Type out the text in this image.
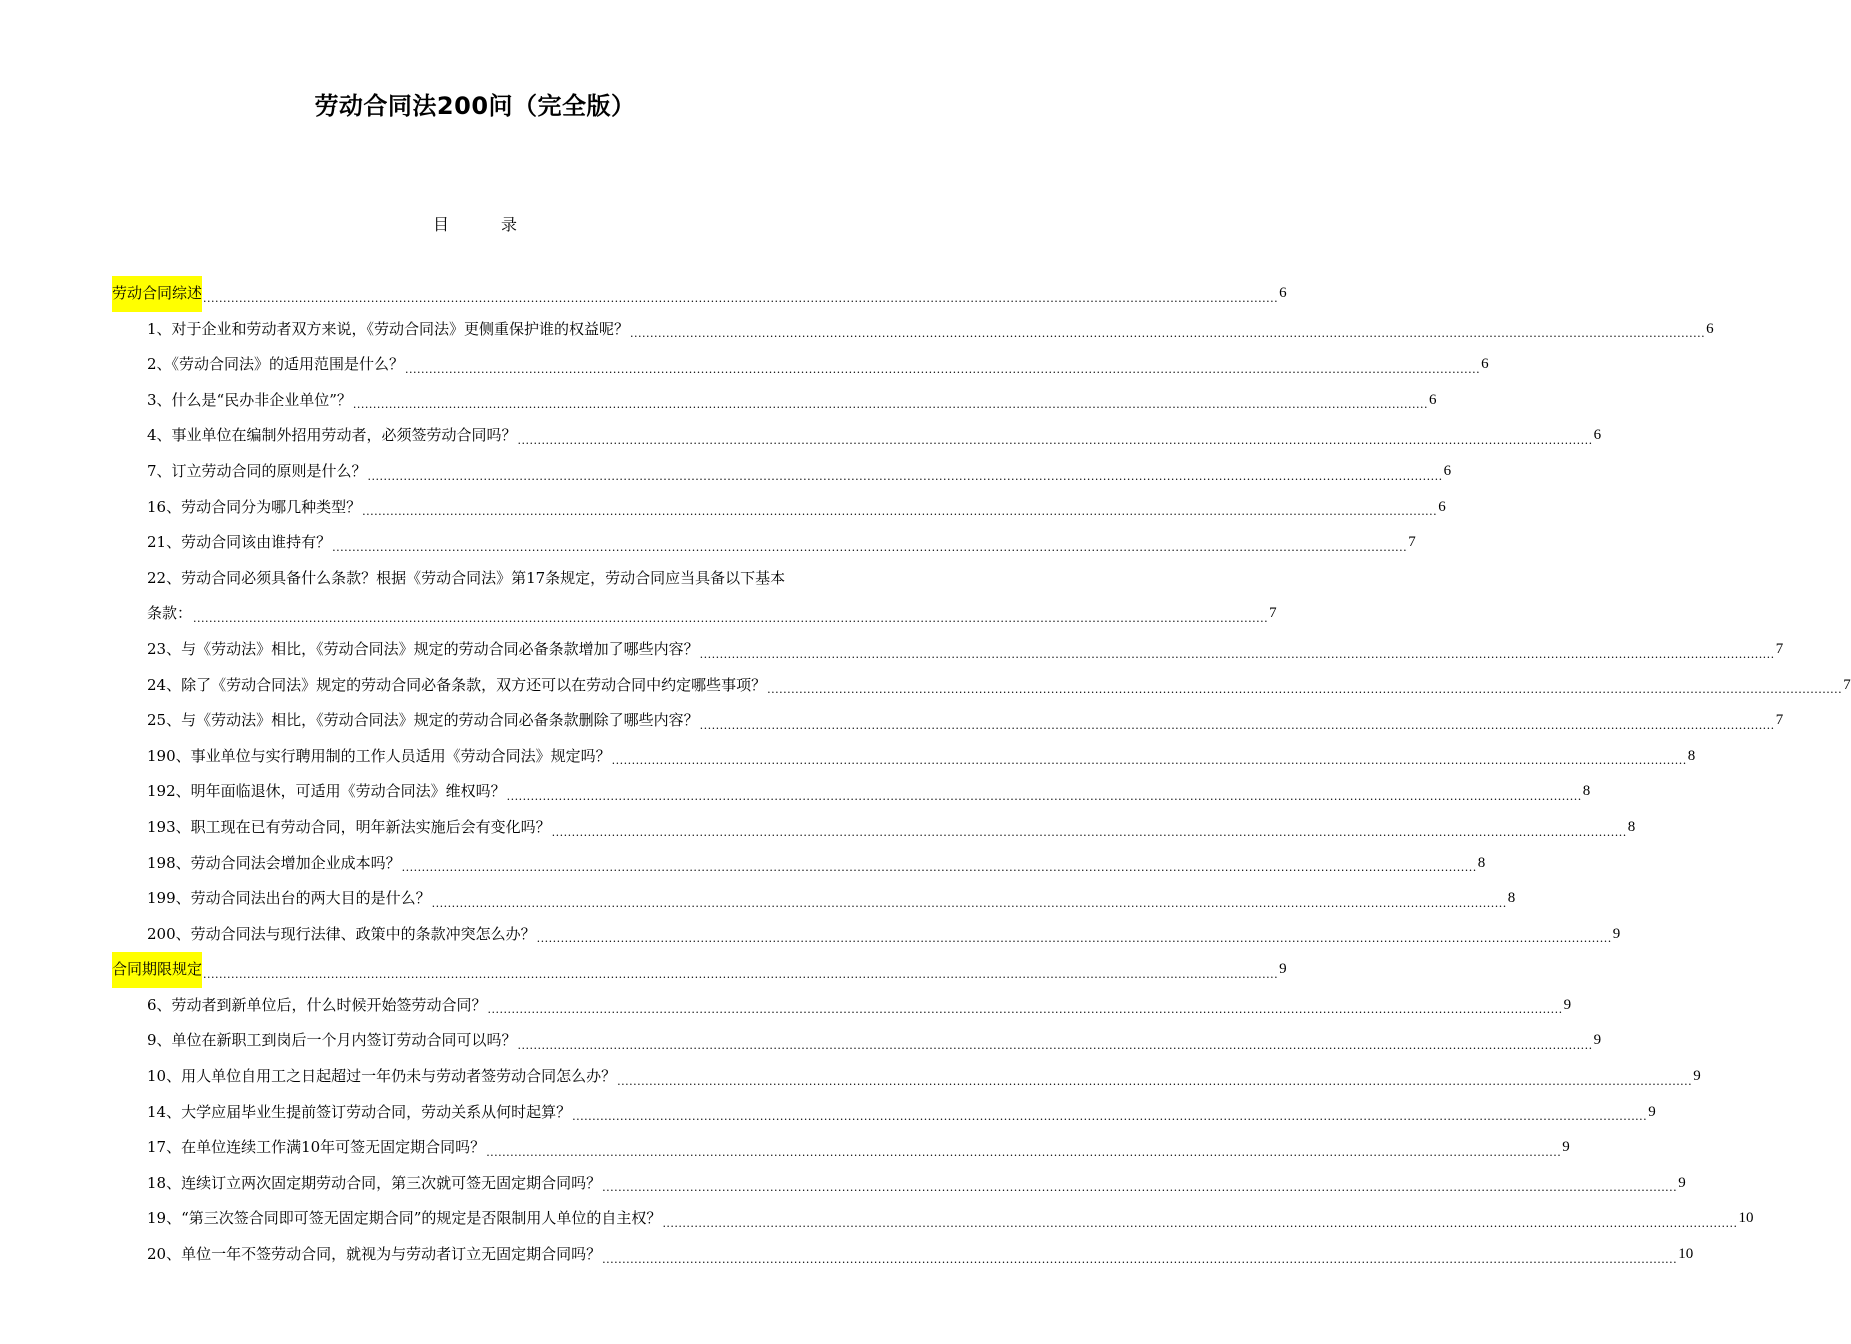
劳动合同法200问（完全版）
目	录
劳动合同综述 ............................................................................................................................................................................................................................................................................. 6
1、对于企业和劳动者双方来说，《劳动合同法》更侧重保护谁的权益呢？ ............................................................................................................................................................................................................................................................................. 6
2、《劳动合同法》的适用范围是什么？ ............................................................................................................................................................................................................................................................................. 6
3、什么是“民办非企业单位”？ ............................................................................................................................................................................................................................................................................. 6
4、事业单位在编制外招用劳动者，必须签劳动合同吗？ ............................................................................................................................................................................................................................................................................. 6
7、订立劳动合同的原则是什么？ ............................................................................................................................................................................................................................................................................. 6
16、劳动合同分为哪几种类型？ ............................................................................................................................................................................................................................................................................. 6
21、劳动合同该由谁持有？ ............................................................................................................................................................................................................................................................................. 7
22、劳动合同必须具备什么条款？根据《劳动合同法》第17条规定，劳动合同应当具备以下基本
条款： ............................................................................................................................................................................................................................................................................. 7
23、与《劳动法》相比，《劳动合同法》规定的劳动合同必备条款增加了哪些内容？ ............................................................................................................................................................................................................................................................................. 7
24、除了《劳动合同法》规定的劳动合同必备条款，双方还可以在劳动合同中约定哪些事项？ ............................................................................................................................................................................................................................................................................. 7
25、与《劳动法》相比，《劳动合同法》规定的劳动合同必备条款删除了哪些内容？ ............................................................................................................................................................................................................................................................................. 7
190、事业单位与实行聘用制的工作人员适用《劳动合同法》规定吗？ ............................................................................................................................................................................................................................................................................. 8
192、明年面临退休，可适用《劳动合同法》维权吗？ ............................................................................................................................................................................................................................................................................. 8
193、职工现在已有劳动合同，明年新法实施后会有变化吗？ ............................................................................................................................................................................................................................................................................. 8
198、劳动合同法会增加企业成本吗？ ............................................................................................................................................................................................................................................................................. 8
199、劳动合同法出台的两大目的是什么？ ............................................................................................................................................................................................................................................................................. 8
200、劳动合同法与现行法律、政策中的条款冲突怎么办？ ............................................................................................................................................................................................................................................................................. 9
合同期限规定 ............................................................................................................................................................................................................................................................................. 9
6、劳动者到新单位后，什么时候开始签劳动合同？ ............................................................................................................................................................................................................................................................................. 9
9、单位在新职工到岗后一个月内签订劳动合同可以吗？ ............................................................................................................................................................................................................................................................................. 9
10、用人单位自用工之日起超过一年仍未与劳动者签劳动合同怎么办？ ............................................................................................................................................................................................................................................................................. 9
14、大学应届毕业生提前签订劳动合同，劳动关系从何时起算？ ............................................................................................................................................................................................................................................................................. 9
17、在单位连续工作满10年可签无固定期合同吗？ ............................................................................................................................................................................................................................................................................. 9
18、连续订立两次固定期劳动合同，第三次就可签无固定期合同吗？ ............................................................................................................................................................................................................................................................................. 9
19、“第三次签合同即可签无固定期合同”的规定是否限制用人单位的自主权？ ............................................................................................................................................................................................................................................................................. 10
20、单位一年不签劳动合同，就视为与劳动者订立无固定期合同吗？ ............................................................................................................................................................................................................................................................................. 10
